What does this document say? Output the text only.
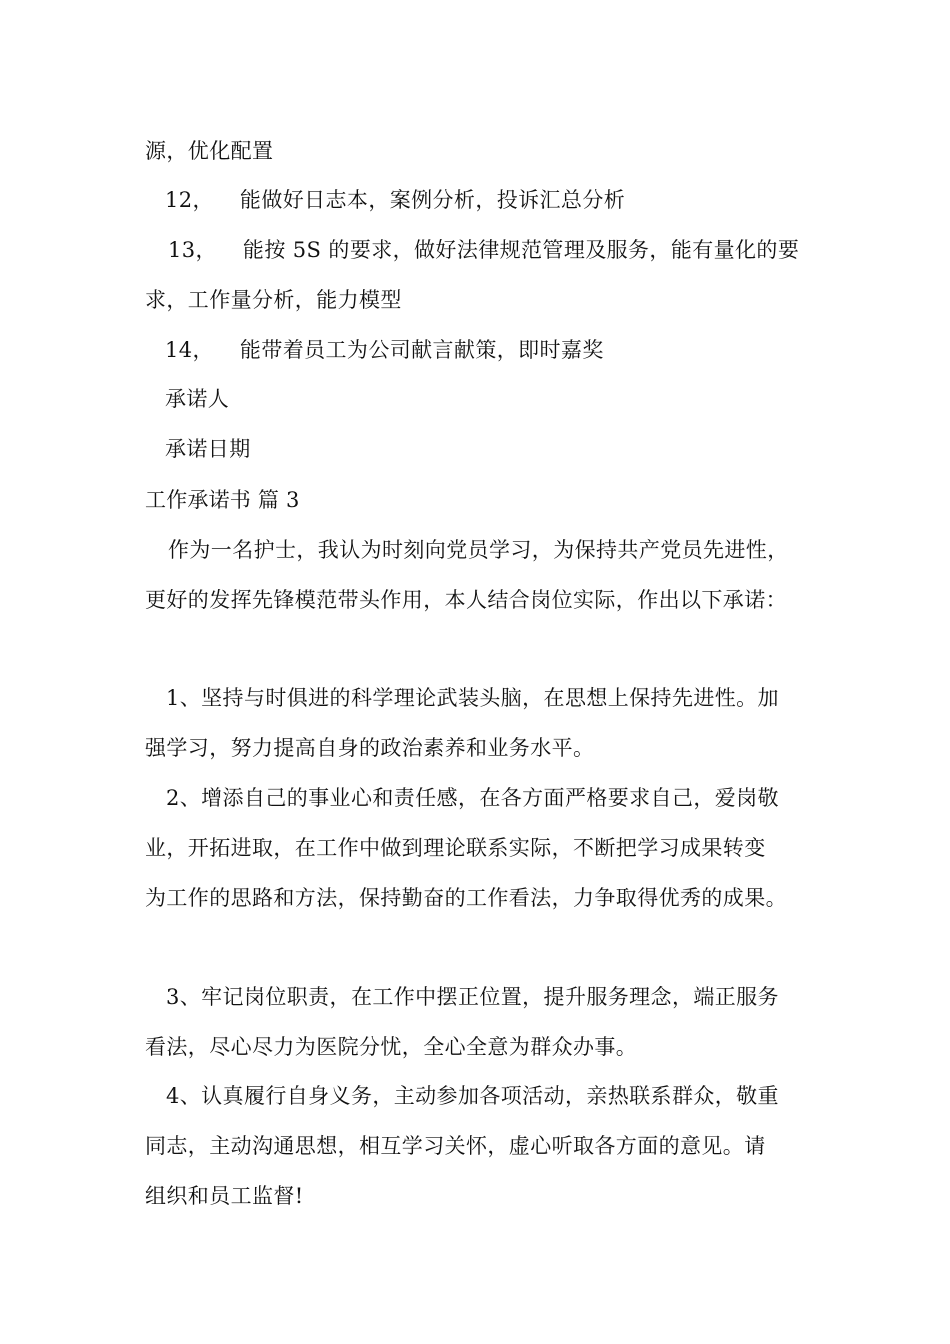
源，优化配置
12， 能做好日志本，案例分析，投诉汇总分析
13， 能按 5S 的要求，做好法律规范管理及服务，能有量化的要
求，工作量分析，能力模型
14， 能带着员工为公司献言献策，即时嘉奖
承诺人
承诺日期
工作承诺书 篇 3
作为一名护士，我认为时刻向党员学习，为保持共产党员先进性，
更好的发挥先锋模范带头作用，本人结合岗位实际，作出以下承诺：
1、坚持与时俱进的科学理论武装头脑，在思想上保持先进性。加
强学习，努力提高自身的政治素养和业务水平。
2、增添自己的事业心和责任感，在各方面严格要求自己，爱岗敬
业，开拓进取，在工作中做到理论联系实际，不断把学习成果转变
为工作的思路和方法，保持勤奋的工作看法，力争取得优秀的成果。
3、牢记岗位职责，在工作中摆正位置，提升服务理念，端正服务
看法，尽心尽力为医院分忧，全心全意为群众办事。
4、认真履行自身义务，主动参加各项活动，亲热联系群众，敬重
同志，主动沟通思想，相互学习关怀，虚心听取各方面的意见。请
组织和员工监督!
